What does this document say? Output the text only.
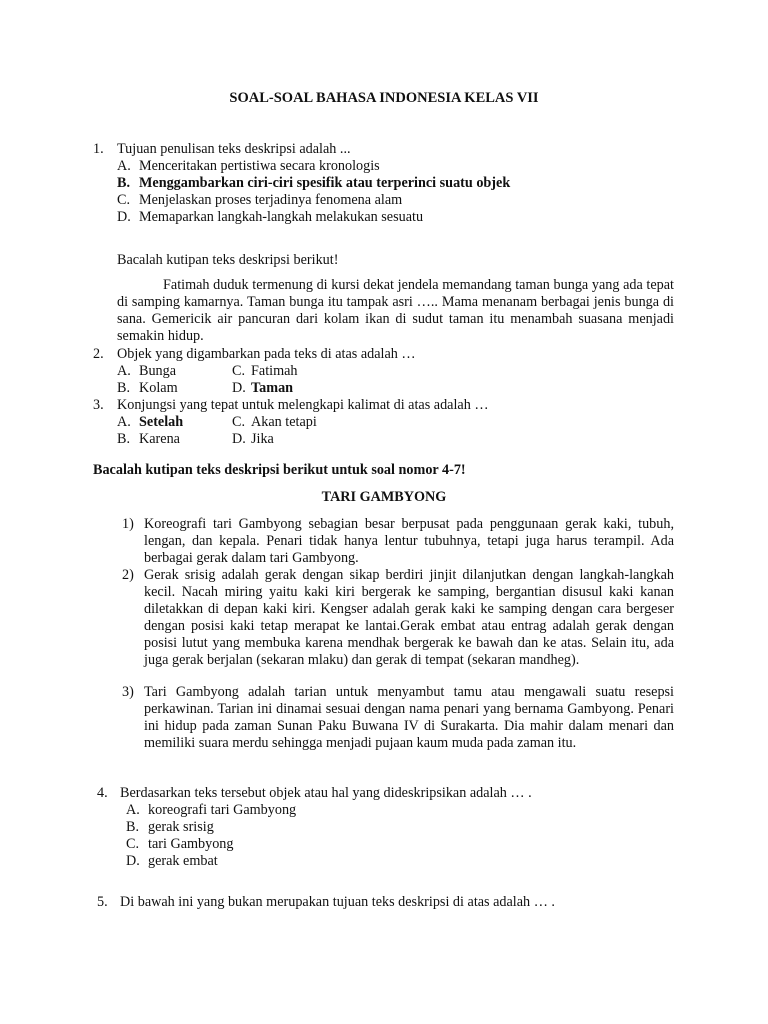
SOAL-SOAL BAHASA INDONESIA KELAS VII
1. Tujuan penulisan teks deskripsi adalah ...
A. Menceritakan pertistiwa secara kronologis
B. Menggambarkan ciri-ciri spesifik atau terperinci suatu objek
C. Menjelaskan proses terjadinya fenomena alam
D. Memaparkan langkah-langkah melakukan sesuatu
Bacalah kutipan teks deskripsi berikut!
Fatimah duduk termenung di kursi dekat jendela memandang taman bunga yang ada tepat di samping kamarnya. Taman bunga itu tampak asri ….. Mama menanam berbagai jenis bunga di sana. Gemericik air pancuran dari kolam ikan di sudut taman itu menambah suasana menjadi semakin hidup.
2. Objek yang digambarkan pada teks di atas adalah …
A. Bunga	C. Fatimah
B. Kolam	D. Taman
3. Konjungsi yang tepat untuk melengkapi kalimat di atas adalah …
A. Setelah	C. Akan tetapi
B. Karena	D. Jika
Bacalah kutipan teks deskripsi berikut untuk soal nomor 4-7!
TARI GAMBYONG
1) Koreografi tari Gambyong sebagian besar berpusat pada penggunaan gerak kaki, tubuh, lengan, dan kepala. Penari tidak hanya lentur tubuhnya, tetapi juga harus terampil. Ada berbagai gerak dalam tari Gambyong.
2) Gerak srisig adalah gerak dengan sikap berdiri jinjit dilanjutkan dengan langkah-langkah kecil. Nacah miring yaitu kaki kiri bergerak ke samping, bergantian disusul kaki kanan diletakkan di depan kaki kiri. Kengser adalah gerak kaki ke samping dengan cara bergeser dengan posisi kaki tetap merapat ke lantai.Gerak embat atau entrag adalah gerak dengan posisi lutut yang membuka karena mendhak bergerak ke bawah dan ke atas. Selain itu, ada juga gerak berjalan (sekaran mlaku) dan gerak di tempat (sekaran mandheg).
3) Tari Gambyong adalah tarian untuk menyambut tamu atau mengawali suatu resepsi perkawinan. Tarian ini dinamai sesuai dengan nama penari yang bernama Gambyong. Penari ini hidup pada zaman Sunan Paku Buwana IV di Surakarta. Dia mahir dalam menari dan memiliki suara merdu sehingga menjadi pujaan kaum muda pada zaman itu.
4. Berdasarkan teks tersebut objek atau hal yang dideskripsikan adalah … .
A. koreografi tari Gambyong
B. gerak srisig
C. tari Gambyong
D. gerak embat
5. Di bawah ini yang bukan merupakan tujuan teks deskripsi di atas adalah … .
